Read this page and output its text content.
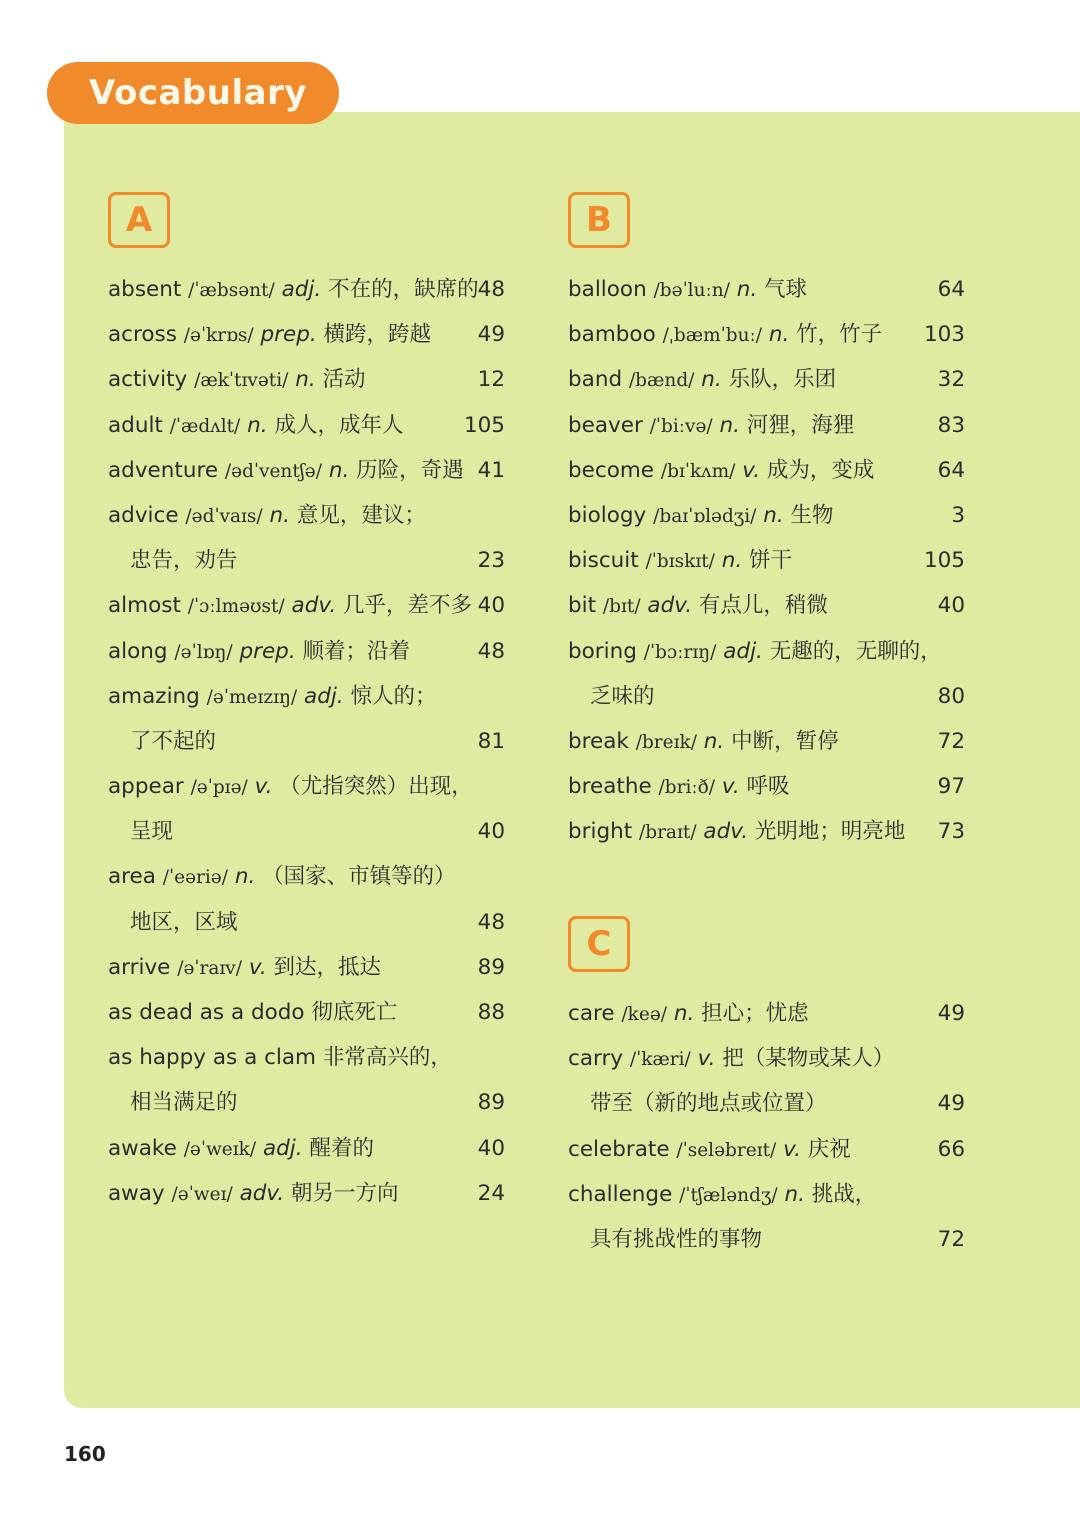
Vocabulary
A
absent /ˈæbsənt/ adj. 不在的，缺席的 48
across /əˈkrɒs/ prep. 横跨，跨越 49
activity /ækˈtɪvəti/ n. 活动	12
adult /ˈædʌlt/ n. 成人，成年人	105
adventure /ədˈventʃə/ n. 历险，奇遇 41
advice /ədˈvaɪs/ n. 意见，建议；
忠告，劝告	23
almost /ˈɔːlməʊst/ adv. 几乎，差不多 40
along /əˈlɒŋ/ prep. 顺着；沿着	48
amazing /əˈmeɪzɪŋ/ adj. 惊人的；
了不起的	81
appear /əˈpɪə/ v. （尤指突然）出现，
呈现	40
area /ˈeəriə/ n. （国家、市镇等的）
地区，区域	48
arrive /əˈraɪv/ v. 到达，抵达	89
as dead as a dodo 彻底死亡	88
as happy as a clam 非常高兴的，
相当满足的	89
awake /əˈweɪk/ adj. 醒着的	40
away /əˈweɪ/ adv. 朝另一方向	24
B
balloon /bəˈluːn/ n. 气球	64
bamboo /ˌbæmˈbuː/ n. 竹，竹子 103
band /bænd/ n. 乐队，乐团	32
beaver /ˈbiːvə/ n. 河狸，海狸	83
become /bɪˈkʌm/ v. 成为，变成	64
biology /baɪˈɒlədʒi/ n. 生物	3
biscuit /ˈbɪskɪt/ n. 饼干	105
bit /bɪt/ adv. 有点儿，稍微	40
boring /ˈbɔːrɪŋ/ adj. 无趣的，无聊的，
乏味的	80
break /breɪk/ n. 中断，暂停	72
breathe /briːð/ v. 呼吸	97
bright /braɪt/ adv. 光明地；明亮地 73
C
care /keə/ n. 担心；忧虑	49
carry /ˈkæri/ v. 把（某物或某人）
带至（新的地点或位置）	49
celebrate /ˈseləbreɪt/ v. 庆祝	66
challenge /ˈtʃæləndʒ/ n. 挑战，
具有挑战性的事物	72
160
